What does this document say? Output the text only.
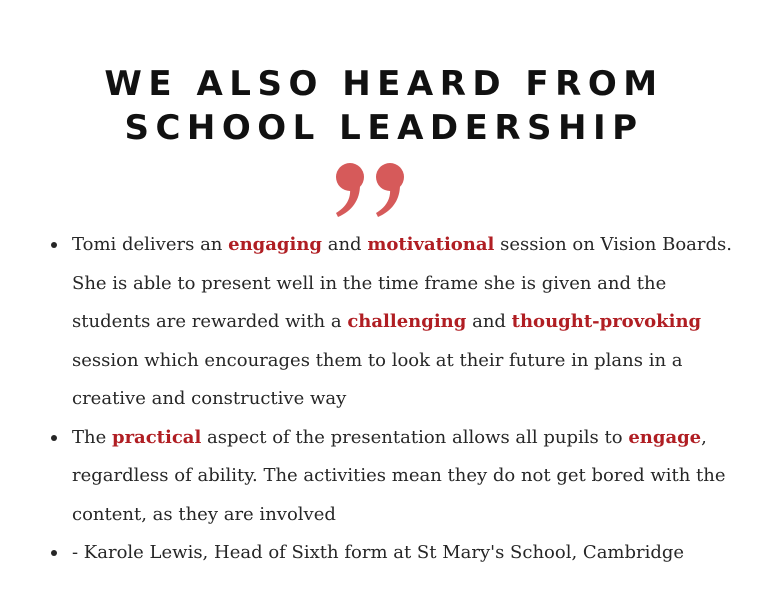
WE ALSO HEARD FROM
SCHOOL LEADERSHIP
Tomi delivers an engaging and motivational session on Vision Boards. She is able to present well in the time frame she is given and the students are rewarded with a challenging and thought-provoking session which encourages them to look at their future in plans in a creative and constructive way
The practical aspect of the presentation allows all pupils to engage, regardless of ability. The activities mean they do not get bored with the content, as they are involved
- Karole Lewis, Head of Sixth form at St Mary's School, Cambridge
